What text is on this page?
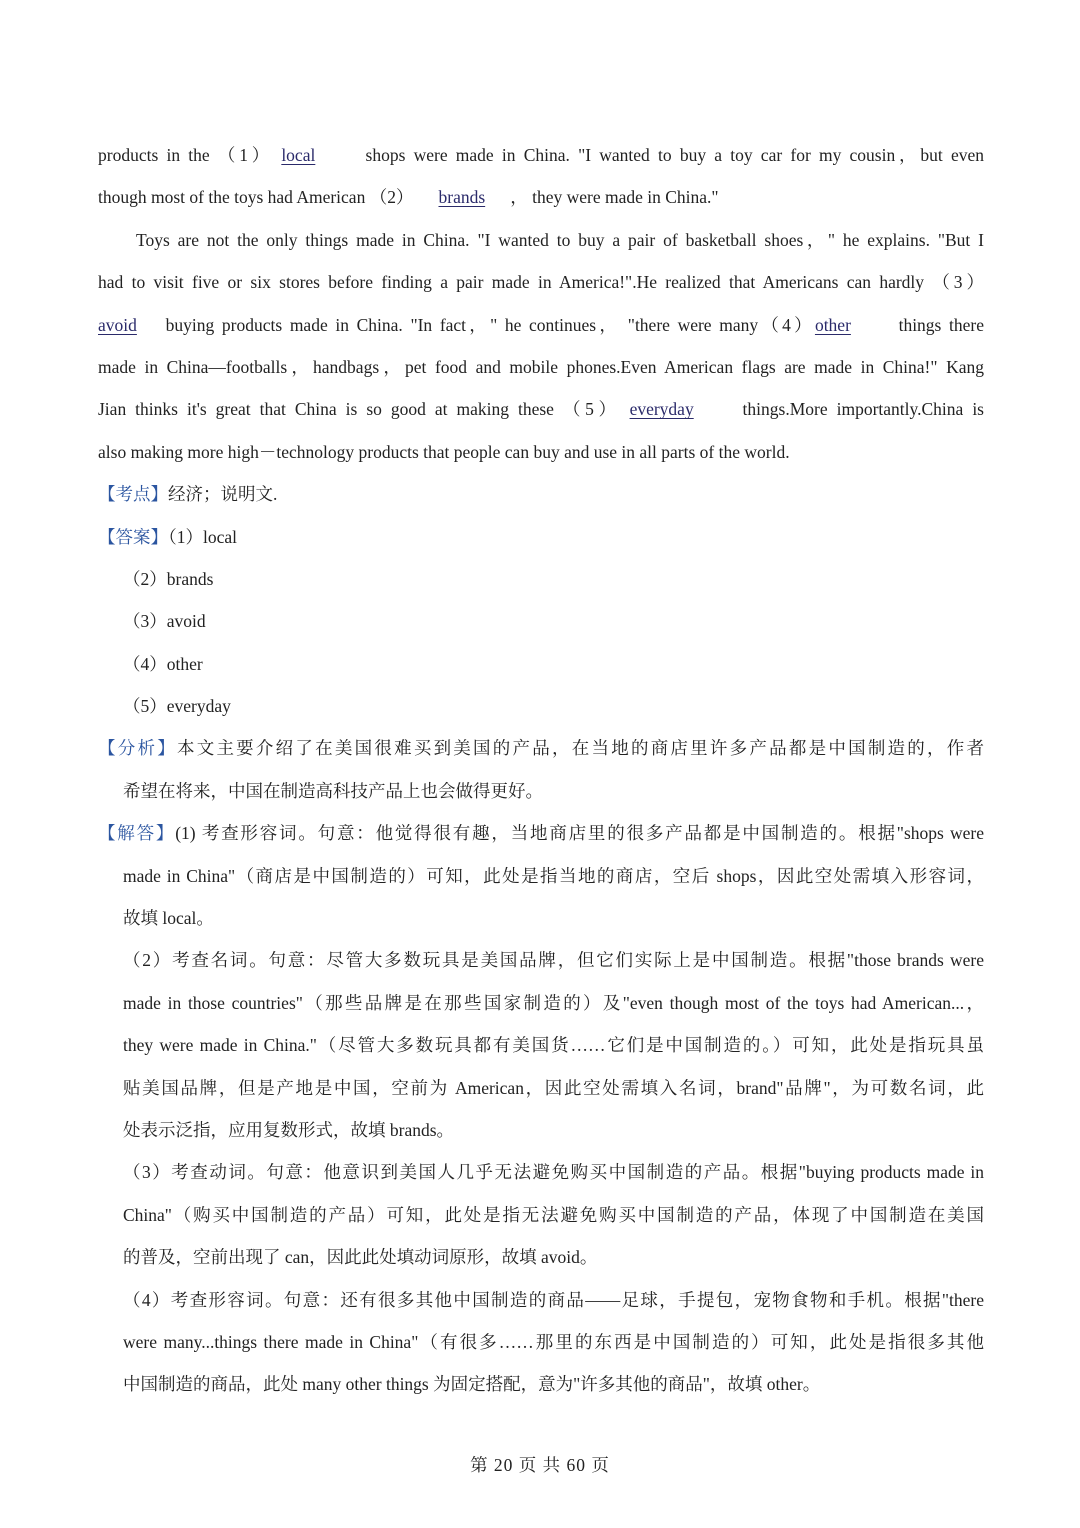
products in the （1） local shops were made in China. "I wanted to buy a toy car for my cousin，but even
though most of the toys had American （2） brands ， they were made in China."
Toys are not the only things made in China. "I wanted to buy a pair of basketball shoes，" he explains. "But I
had to visit five or six stores before finding a pair made in America!".He realized that Americans can hardly （3）
avoid buying products made in China. "In fact，" he continues， "there were many（4）other things there
made in China—footballs，handbags，pet food and mobile phones.Even American flags are made in China!" Kang
Jian thinks it's great that China is so good at making these （5） everyday things.More importantly.China is
also making more high－technology products that people can buy and use in all parts of the world.
【考点】经济；说明文.
【答案】（1）local
（2）brands
（3）avoid
（4）other
（5）everyday
【分析】本文主要介绍了在美国很难买到美国的产品，在当地的商店里许多产品都是中国制造的，作者
希望在将来，中国在制造高科技产品上也会做得更好。
【解答】(1) 考查形容词。句意：他觉得很有趣，当地商店里的很多产品都是中国制造的。根据"shops were
made in China"（商店是中国制造的）可知，此处是指当地的商店，空后 shops，因此空处需填入形容词，
故填 local。
（2）考查名词。句意：尽管大多数玩具是美国品牌，但它们实际上是中国制造。根据"those brands were
made in those countries"（那些品牌是在那些国家制造的）及"even though most of the toys had American...，
they were made in China."（尽管大多数玩具都有美国货……它们是中国制造的。）可知，此处是指玩具虽
贴美国品牌，但是产地是中国，空前为 American，因此空处需填入名词，brand"品牌"，为可数名词，此
处表示泛指，应用复数形式，故填 brands。
（3）考查动词。句意：他意识到美国人几乎无法避免购买中国制造的产品。根据"buying products made in
China"（购买中国制造的产品）可知，此处是指无法避免购买中国制造的产品，体现了中国制造在美国
的普及，空前出现了 can，因此此处填动词原形，故填 avoid。
（4）考查形容词。句意：还有很多其他中国制造的商品——足球，手提包，宠物食物和手机。根据"there
were many...things there made in China"（有很多……那里的东西是中国制造的）可知，此处是指很多其他
中国制造的商品，此处 many other things 为固定搭配，意为"许多其他的商品"，故填 other。
第 20 页 共 60 页
